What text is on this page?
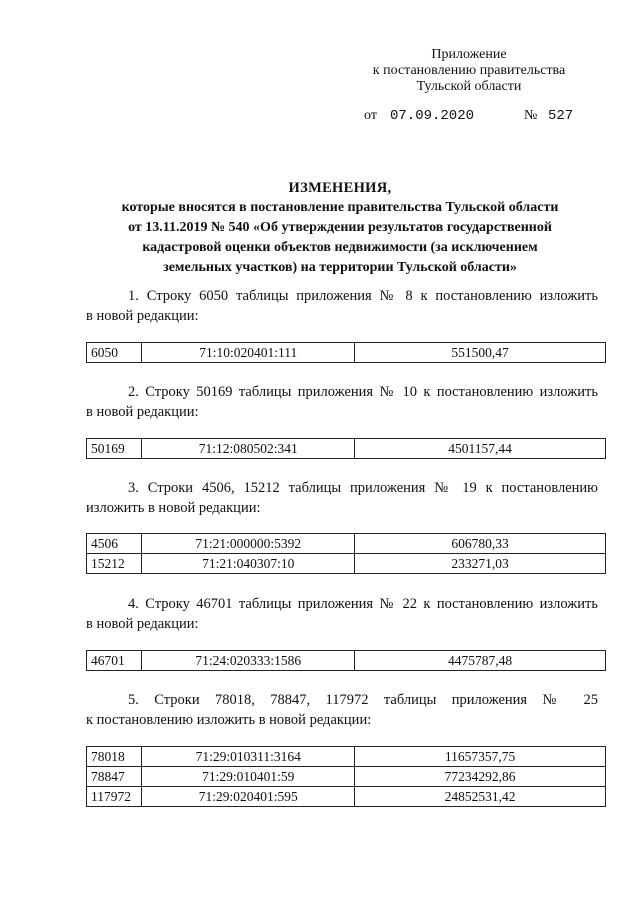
Приложение
к постановлению правительства
Тульской области
от 07.09.2020	№ 527
ИЗМЕНЕНИЯ,
которые вносятся в постановление правительства Тульской области
от 13.11.2019 № 540 «Об утверждении результатов государственной
кадастровой оценки объектов недвижимости (за исключением
земельных участков) на территории Тульской области»
1. Строку 6050 таблицы приложения № 8 к постановлению изложить
в новой редакции:
6050	71:10:020401:111	551500,47
2. Строку 50169 таблицы приложения № 10 к постановлению изложить
в новой редакции:
50169	71:12:080502:341	4501157,44
3. Строки 4506, 15212 таблицы приложения № 19 к постановлению
изложить в новой редакции:
4506	71:21:000000:5392	606780,33
15212	71:21:040307:10	233271,03
4. Строку 46701 таблицы приложения № 22 к постановлению изложить
в новой редакции:
46701	71:24:020333:1586	4475787,48
5. Строки 78018, 78847, 117972 таблицы приложения № 25
к постановлению изложить в новой редакции:
78018	71:29:010311:3164	11657357,75
78847	71:29:010401:59	77234292,86
117972	71:29:020401:595	24852531,42
